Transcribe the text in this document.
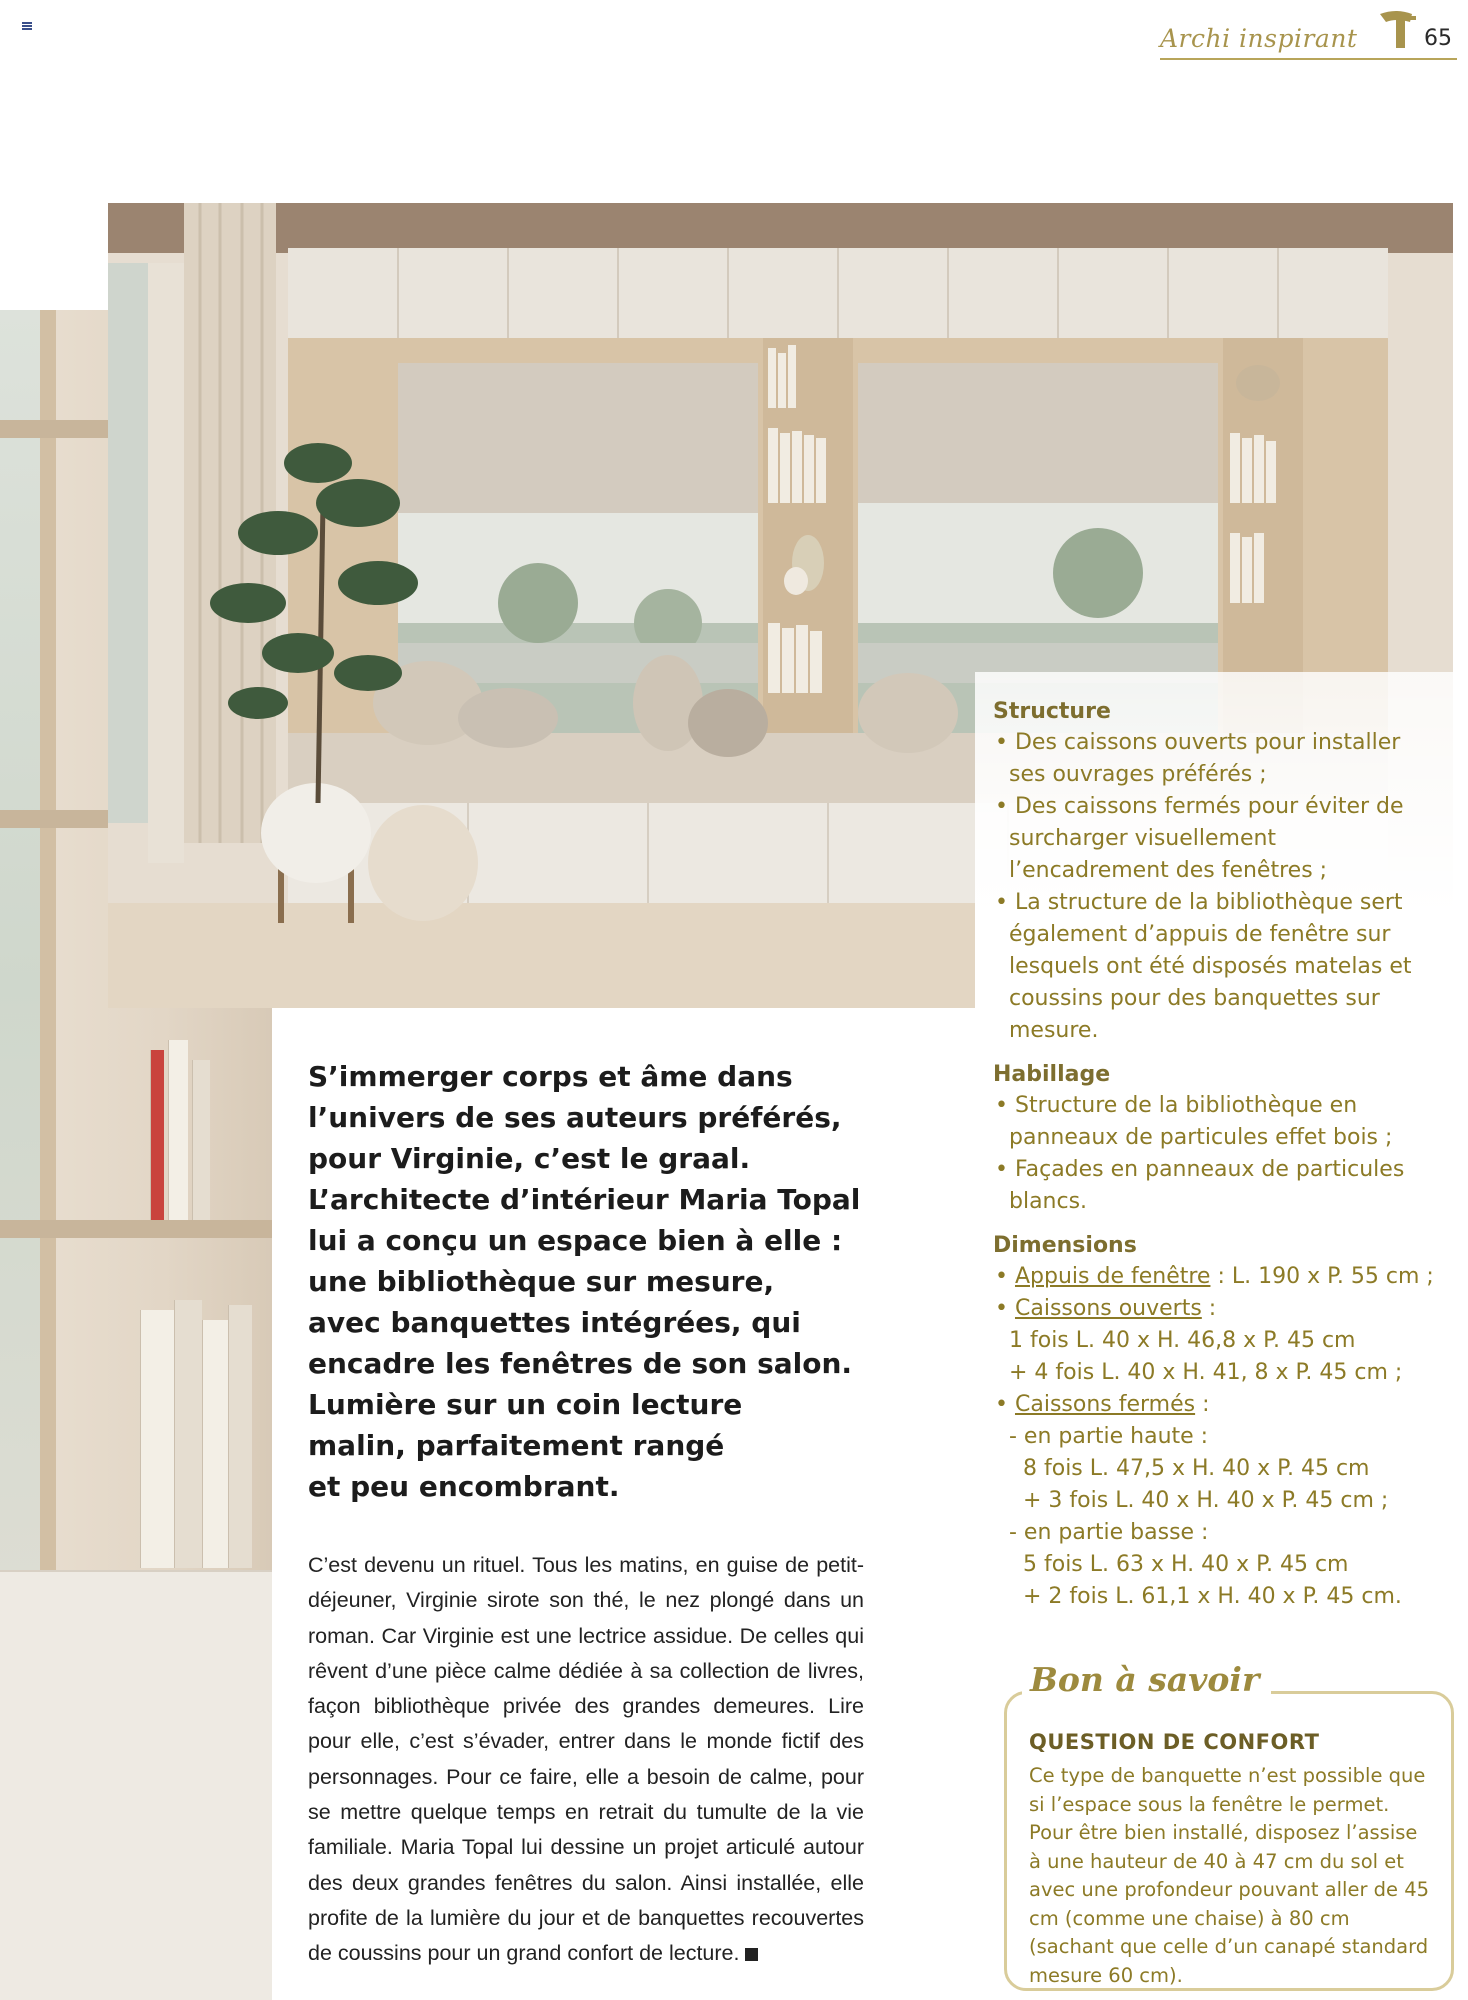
Archi inspirant	65
Structure
• Des caissons ouverts pour installer ses ouvrages préférés ;
• Des caissons fermés pour éviter de surcharger visuellement l’encadrement des fenêtres ;
• La structure de la bibliothèque sert également d’appuis de fenêtre sur lesquels ont été disposés matelas et coussins pour des banquettes sur mesure.
Habillage
• Structure de la bibliothèque en panneaux de particules effet bois ;
• Façades en panneaux de particules blancs.
Dimensions
• Appuis de fenêtre : L. 190 x P. 55 cm ;
• Caissons ouverts :
1 fois L. 40 x H. 46,8 x P. 45 cm
+ 4 fois L. 40 x H. 41, 8 x P. 45 cm ;
• Caissons fermés :
- en partie haute :
8 fois L. 47,5 x H. 40 x P. 45 cm
+ 3 fois L. 40 x H. 40 x P. 45 cm ;
- en partie basse :
5 fois L. 63 x H. 40 x P. 45 cm
+ 2 fois L. 61,1 x H. 40 x P. 45 cm.
QUESTION DE CONFORT
Ce type de banquette n’est possible que si l’espace sous la fenêtre le permet. Pour être bien installé, disposez l’assise à une hauteur de 40 à 47 cm du sol et avec une profondeur pouvant aller de 45 cm (comme une chaise) à 80 cm (sachant que celle d’un canapé standard mesure 60 cm).
Bon à savoir

S’immerger corps et âme dans

l’univers de ses auteurs préférés,

pour Virginie, c’est le graal.

L’architecte d’intérieur Maria Topal

lui a conçu un espace bien à elle :

une bibliothèque sur mesure,

avec banquettes intégrées, qui

encadre les fenêtres de son salon.

Lumière sur un coin lecture

malin, parfaitement rangé

et peu encombrant.

C’est devenu un rituel. Tous les matins, en guise de petit-déjeuner, Virginie sirote son thé, le nez plongé dans un roman. Car Virginie est une lectrice assidue. De celles qui rêvent d’une pièce calme dédiée à sa collection de livres, façon bibliothèque privée des grandes demeures. Lire pour elle, c’est s’évader, entrer dans le monde fictif des personnages. Pour ce faire, elle a besoin de calme, pour se mettre quelque temps en retrait du tumulte de la vie familiale. Maria Topal lui dessine un projet articulé autour des deux grandes fenêtres du salon. Ainsi installée, elle profite de la lumière du jour et de banquettes recouvertes de coussins pour un grand confort de lecture.
